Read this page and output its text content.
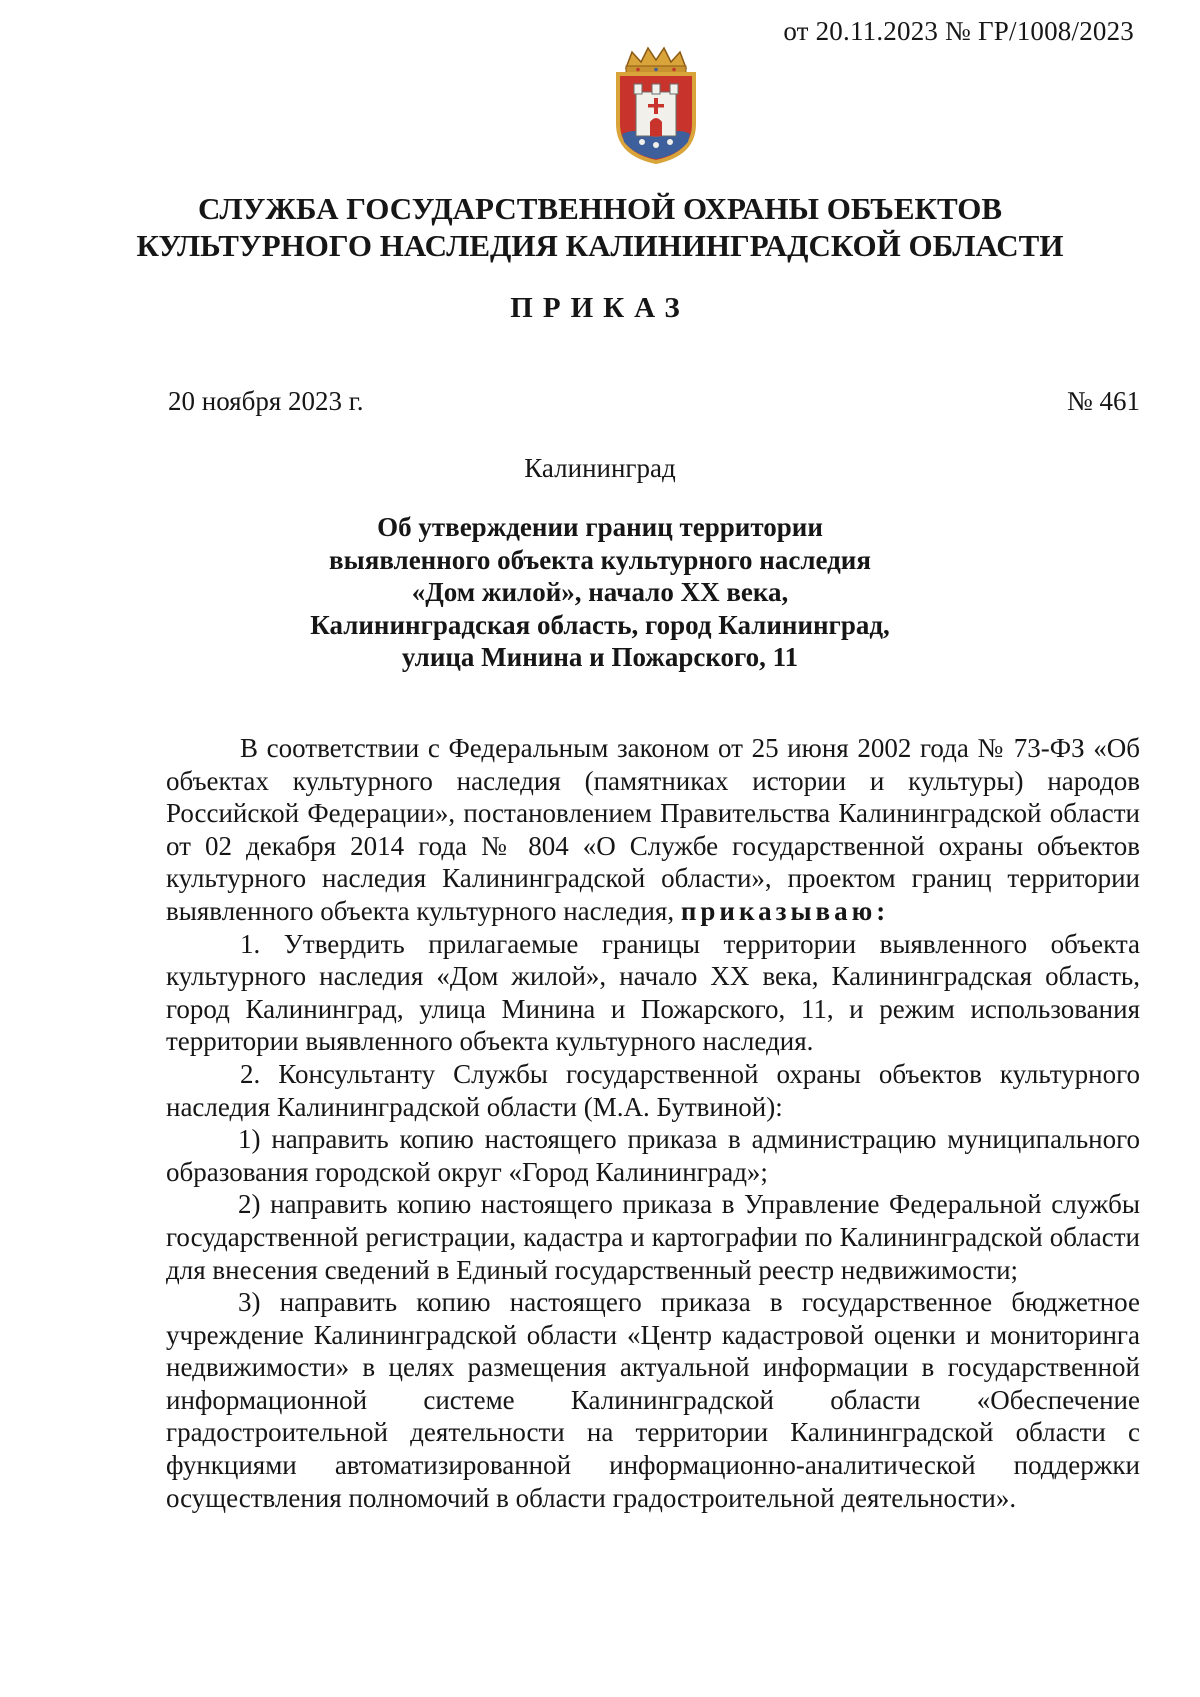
от 20.11.2023 № ГР/1008/2023
СЛУЖБА ГОСУДАРСТВЕННОЙ ОХРАНЫ ОБЪЕКТОВ
КУЛЬТУРНОГО НАСЛЕДИЯ КАЛИНИНГРАДСКОЙ ОБЛАСТИ
ПРИКАЗ
20 ноября 2023 г.	№ 461
Калининград
Об утверждении границ территории
выявленного объекта культурного наследия
«Дом жилой», начало ХХ века,
Калининградская область, город Калининград,
улица Минина и Пожарского, 11

В соответствии с Федеральным законом от 25 июня 2002 года № 73-ФЗ «Об объектах культурного наследия (памятниках истории и культуры) народов Российской Федерации», постановлением Правительства Калининградской области от 02 декабря 2014 года № 804 «О Службе государственной охраны объектов культурного наследия Калининградской области», проектом границ территории выявленного объекта культурного наследия, приказываю:

1. Утвердить прилагаемые границы территории выявленного объекта культурного наследия «Дом жилой», начало ХХ века, Калининградская область, город Калининград, улица Минина и Пожарского, 11, и режим использования территории выявленного объекта культурного наследия.

2. Консультанту Службы государственной охраны объектов культурного наследия Калининградской области (М.А. Бутвиной):

1) направить копию настоящего приказа в администрацию муниципального образования городской округ «Город Калининград»;

2) направить копию настоящего приказа в Управление Федеральной службы государственной регистрации, кадастра и картографии по Калининградской области для внесения сведений в Единый государственный реестр недвижимости;

3) направить копию настоящего приказа в государственное бюджетное учреждение Калининградской области «Центр кадастровой оценки и мониторинга недвижимости» в целях размещения актуальной информации в государственной информационной системе Калининградской области «Обеспечение градостроительной деятельности на территории Калининградской области с функциями автоматизированной информационно-аналитической поддержки осуществления полномочий в области градостроительной деятельности».
